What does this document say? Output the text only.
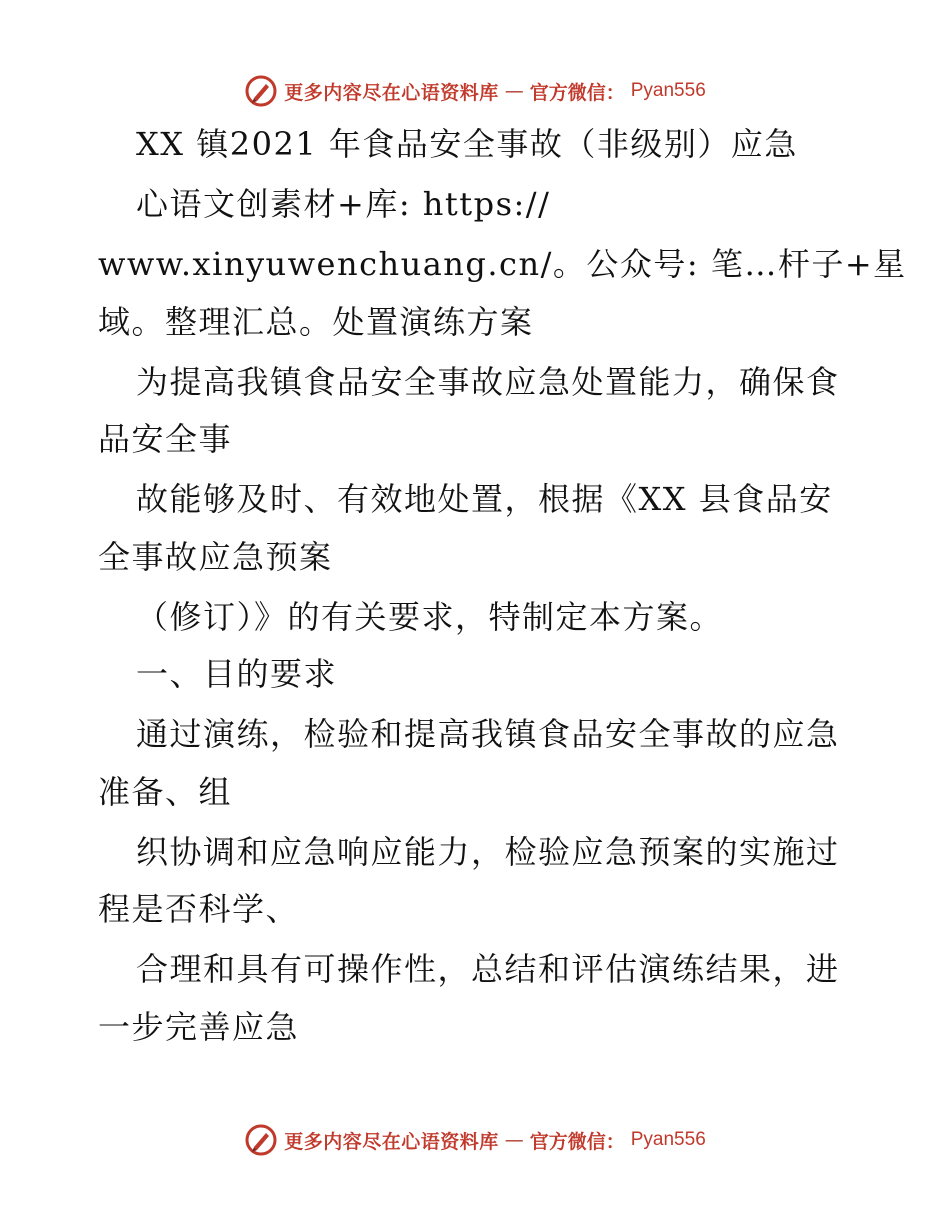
更多内容尽在心语资料库 — 官方微信： Pyan556
XX 镇2021 年食品安全事故（非级别）应急
心语文创素材+库: https://
www.xinyuwenchuang.cn/。公众号: 笔…杆子+星
域。整理汇总。处置演练方案
为提高我镇食品安全事故应急处置能力，确保食
品安全事
故能够及时、有效地处置，根据《XX 县食品安
全事故应急预案
（修订）》的有关要求，特制定本方案。
一、目的要求
通过演练，检验和提高我镇食品安全事故的应急
准备、组
织协调和应急响应能力，检验应急预案的实施过
程是否科学、
合理和具有可操作性，总结和评估演练结果，进
一步完善应急
更多内容尽在心语资料库 — 官方微信： Pyan556
